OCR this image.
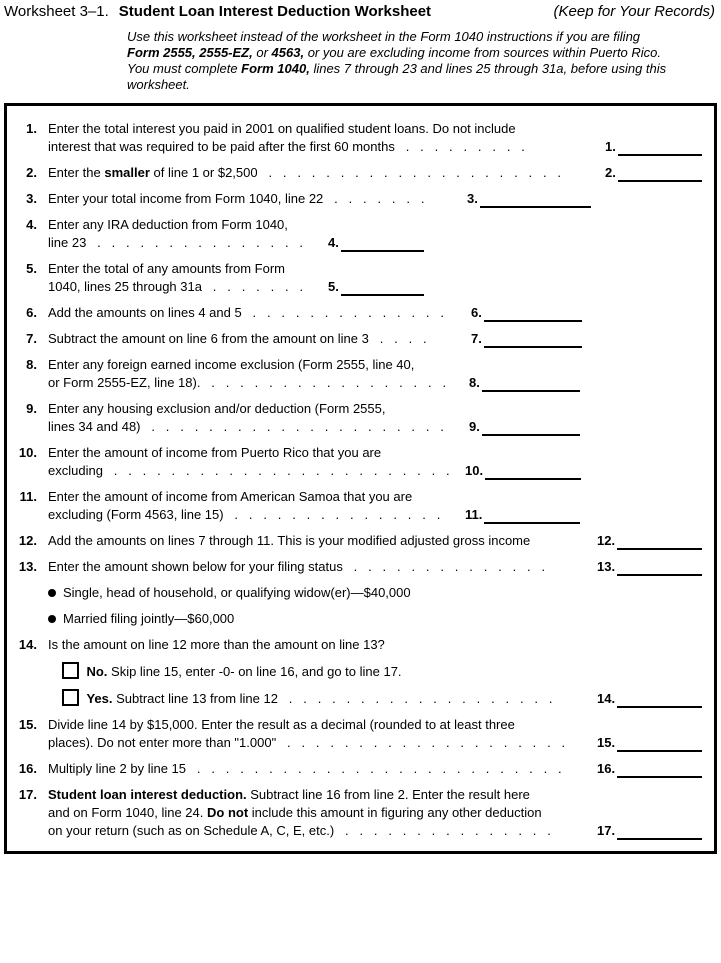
Worksheet 3–1. Student Loan Interest Deduction Worksheet	(Keep for Your Records)
Use this worksheet instead of the worksheet in the Form 1040 instructions if you are filing
Form 2555, 2555-EZ, or 4563, or you are excluding income from sources within Puerto Rico.
You must complete Form 1040, lines 7 through 23 and lines 25 through 31a, before using this
worksheet.
1. Enter the total interest you paid in 2001 on qualified student loans. Do not include
interest that was required to be paid after the first 60 months   .   .   .   .   .   .   .   .   .	1.
2. Enter the smaller of line 1 or $2,500   .   .   .   .   .   .   .   .   .   .   .   .   .   .   .   .   .   .   .   .   .	2.
3. Enter your total income from Form 1040, line 22   .   .   .   .   .   .   .	3.
4. Enter any IRA deduction from Form 1040,
line 23   .   .   .   .   .   .   .   .   .   .   .   .   .   .   .	4.
5. Enter the total of any amounts from Form
1040, lines 25 through 31a   .   .   .   .   .   .   .	5.
6. Add the amounts on lines 4 and 5   .   .   .   .   .   .   .   .   .   .   .   .   .   .	6.
7. Subtract the amount on line 6 from the amount on line 3   .   .   .   .	7.
8. Enter any foreign earned income exclusion (Form 2555, line 40,
or Form 2555-EZ, line 18).   .   .   .   .   .   .   .   .   .   .   .   .   .   .   .   .   .	8.
9. Enter any housing exclusion and/or deduction (Form 2555,
lines 34 and 48)   .   .   .   .   .   .   .   .   .   .   .   .   .   .   .   .   .   .   .   .   .	9.
10. Enter the amount of income from Puerto Rico that you are
excluding   .   .   .   .   .   .   .   .   .   .   .   .   .   .   .   .   .   .   .   .   .   .   .   .	10.
11. Enter the amount of income from American Samoa that you are
excluding (Form 4563, line 15)   .   .   .   .   .   .   .   .   .   .   .   .   .   .   .	11.
12. Add the amounts on lines 7 through 11. This is your modified adjusted gross income	12.
13. Enter the amount shown below for your filing status   .   .   .   .   .   .   .   .   .   .   .   .   .   .	13.
Single, head of household, or qualifying widow(er)—$40,000
Married filing jointly—$60,000
14. Is the amount on line 12 more than the amount on line 13?
No. Skip line 15, enter -0- on line 16, and go to line 17.
Yes. Subtract line 13 from line 12   .   .   .   .   .   .   .   .   .   .   .   .   .   .   .   .   .   .   .	14.
15. Divide line 14 by $15,000. Enter the result as a decimal (rounded to at least three
places). Do not enter more than "1.000"   .   .   .   .   .   .   .   .   .   .   .   .   .   .   .   .   .   .   .   .	15.
16. Multiply line 2 by line 15   .   .   .   .   .   .   .   .   .   .   .   .   .   .   .   .   .   .   .   .   .   .   .   .   .   .	16.
17. Student loan interest deduction. Subtract line 16 from line 2. Enter the result here
and on Form 1040, line 24. Do not include this amount in figuring any other deduction
on your return (such as on Schedule A, C, E, etc.)   .   .   .   .   .   .   .   .   .   .   .   .   .   .   .	17.
